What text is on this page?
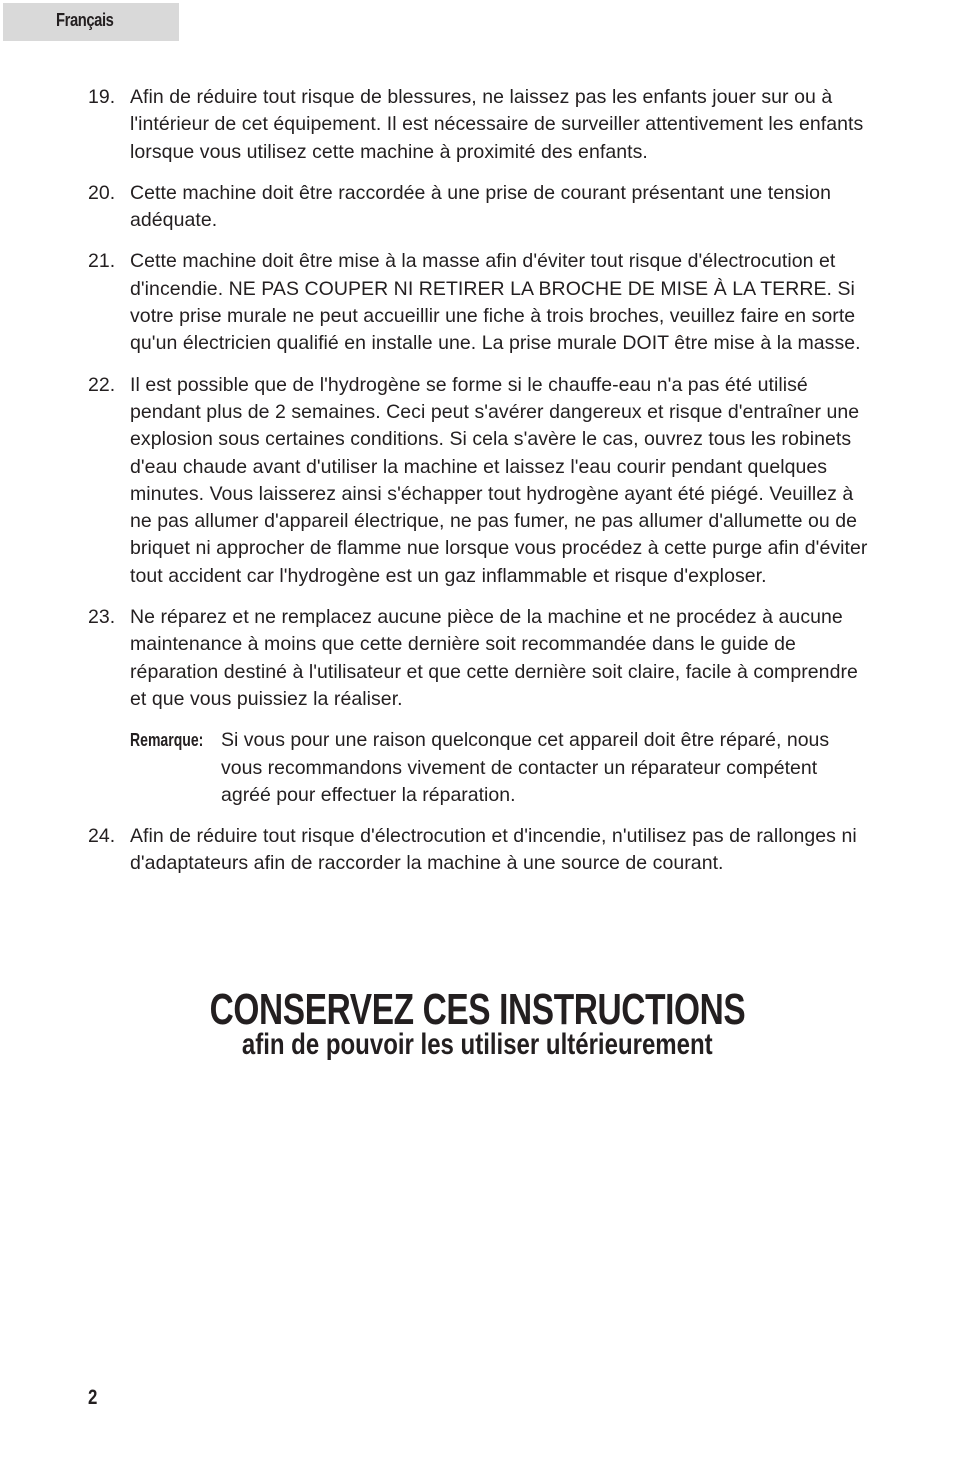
Français
19. Afin de réduire tout risque de blessures, ne laissez pas les enfants jouer sur ou à l'intérieur de cet équipement. Il est nécessaire de surveiller attentivement les enfants lorsque vous utilisez cette machine à proximité des enfants.
20. Cette machine doit être raccordée à une prise de courant présentant une tension adéquate.
21. Cette machine doit être mise à la masse afin d'éviter tout risque d'électrocution et d'incendie. NE PAS COUPER NI RETIRER LA BROCHE DE MISE À LA TERRE. Si votre prise murale ne peut accueillir une fiche à trois broches, veuillez faire en sorte qu'un électricien qualifié en installe une. La prise murale DOIT être mise à la masse.
22. Il est possible que de l'hydrogène se forme si le chauffe-eau n'a pas été utilisé pendant plus de 2 semaines. Ceci peut s'avérer dangereux et risque d'entraîner une explosion sous certaines conditions. Si cela s'avère le cas, ouvrez tous les robinets d'eau chaude avant d'utiliser la machine et laissez l'eau courir pendant quelques minutes. Vous laisserez ainsi s'échapper tout hydrogène ayant été piégé. Veuillez à ne pas allumer d'appareil électrique, ne pas fumer, ne pas allumer d'allumette ou de briquet ni approcher de flamme nue lorsque vous procédez à cette purge afin d'éviter tout accident car l'hydrogène est un gaz inflammable et risque d'exploser.
23. Ne réparez et ne remplacez aucune pièce de la machine et ne procédez à aucune maintenance à moins que cette dernière soit recommandée dans le guide de réparation destiné à l'utilisateur et que cette dernière soit claire, facile à comprendre et que vous puissiez la réaliser.
Remarque: Si vous pour une raison quelconque cet appareil doit être réparé, nous vous recommandons vivement de contacter un réparateur compétent agréé pour effectuer la réparation.
24. Afin de réduire tout risque d'électrocution et d'incendie, n'utilisez pas de rallonges ni d'adaptateurs afin de raccorder la machine à une source de courant.
CONSERVEZ CES INSTRUCTIONS
afin de pouvoir les utiliser ultérieurement
2
